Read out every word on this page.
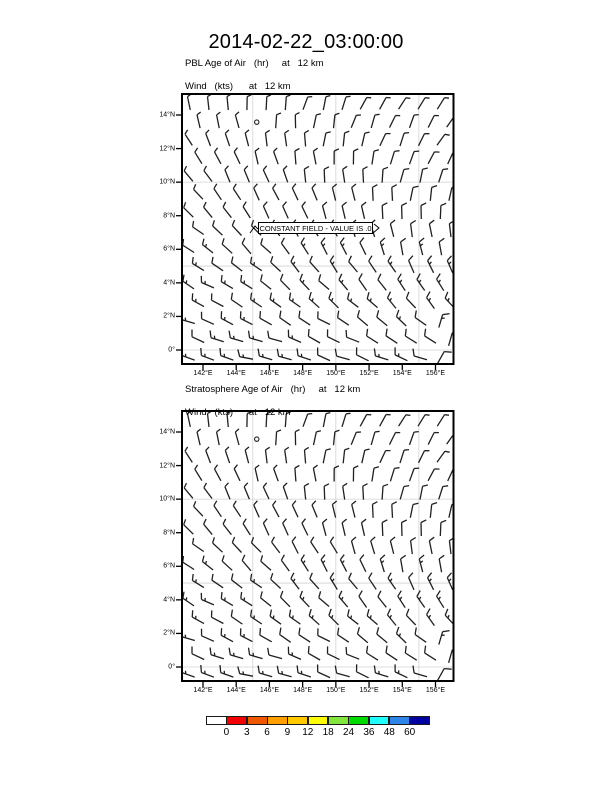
2014-02-22_03:00:00
PBL Age of Air   (hr)     at   12 km

Wind   (kts)      at   12 km
Stratosphere Age of Air   (hr)     at   12 km

Wind   (kts)      at   12 km
0°
2°N
4°N
6°N
8°N
10°N
12°N
14°N
142°E 144°E 146°E 148°E 150°E 152°E 154°E 156°E
0°
2°N
4°N
6°N
8°N
10°N
12°N
14°N
142°E 144°E 146°E 148°E 150°E 152°E 154°E 156°E
CONSTANT FIELD - VALUE IS .0
0 3 6 9 12 18 24 36 48 60
